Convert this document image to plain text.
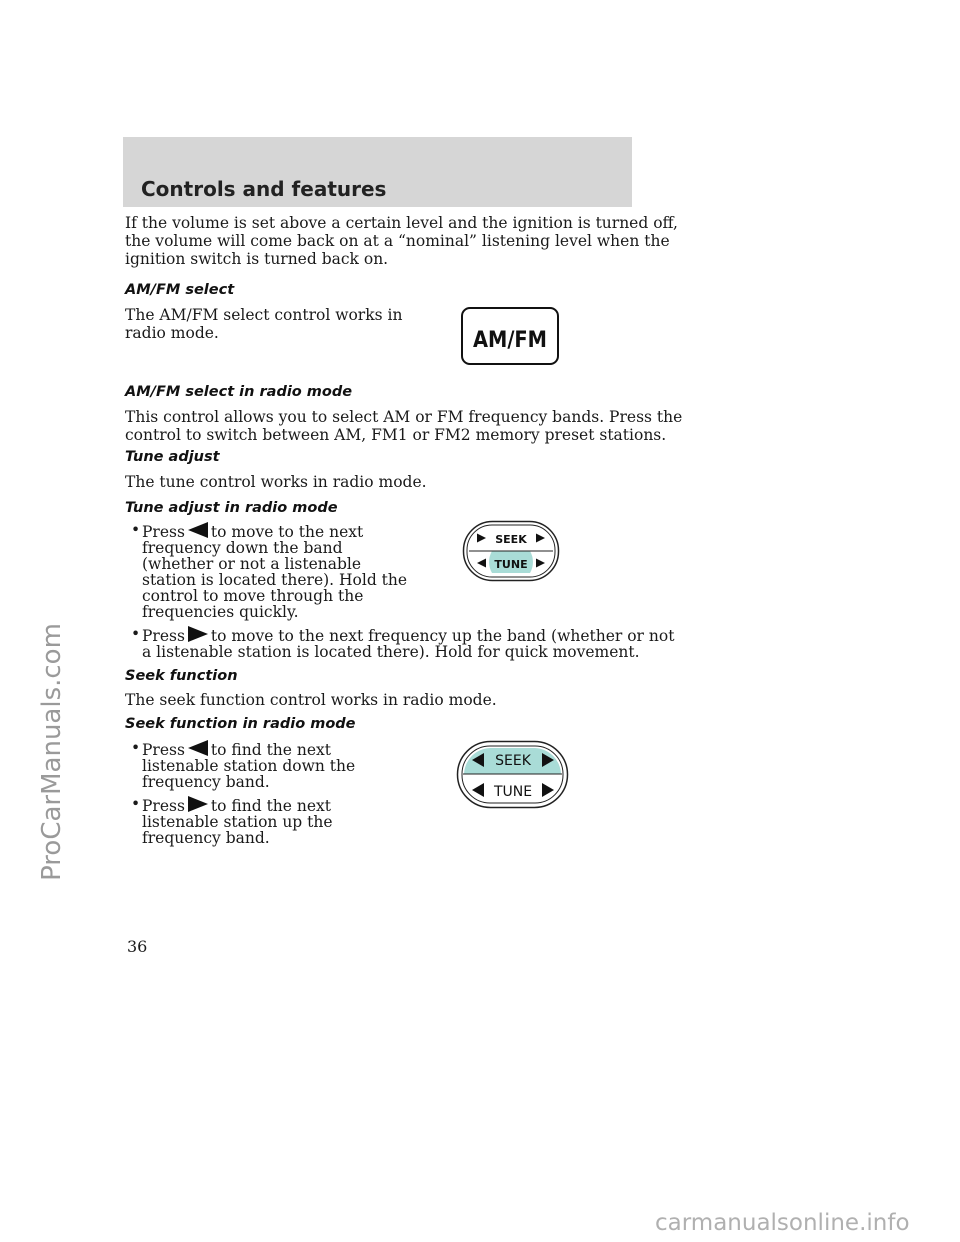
Controls and features

If the volume is set above a certain level and the ignition is turned off,

the volume will come back on at a “nominal” listening level when the

ignition switch is turned back on.

AM/FM select

The AM/FM select control works in

radio mode.	AM/FM

AM/FM select in radio mode

This control allows you to select AM or FM frequency bands. Press the

control to switch between AM, FM1 or FM2 memory preset stations.

Tune adjust

The tune control works in radio mode.

Tune adjust in radio mode

• Press to move to the next

frequency down the band

(whether or not a listenable

station is located there). Hold the

control to move through the

frequencies quickly.

SEEK
TUNE
• Press to move to the next frequency up the band (whether or not

a listenable station is located there). Hold for quick movement.

Seek function

The seek function control works in radio mode.

Seek function in radio mode

• Press to find the next

listenable station down the

frequency band.

• Press to find the next

listenable station up the

frequency band.

SEEK
TUNE
36
ProCarManuals.com
carmanualsonline.info
